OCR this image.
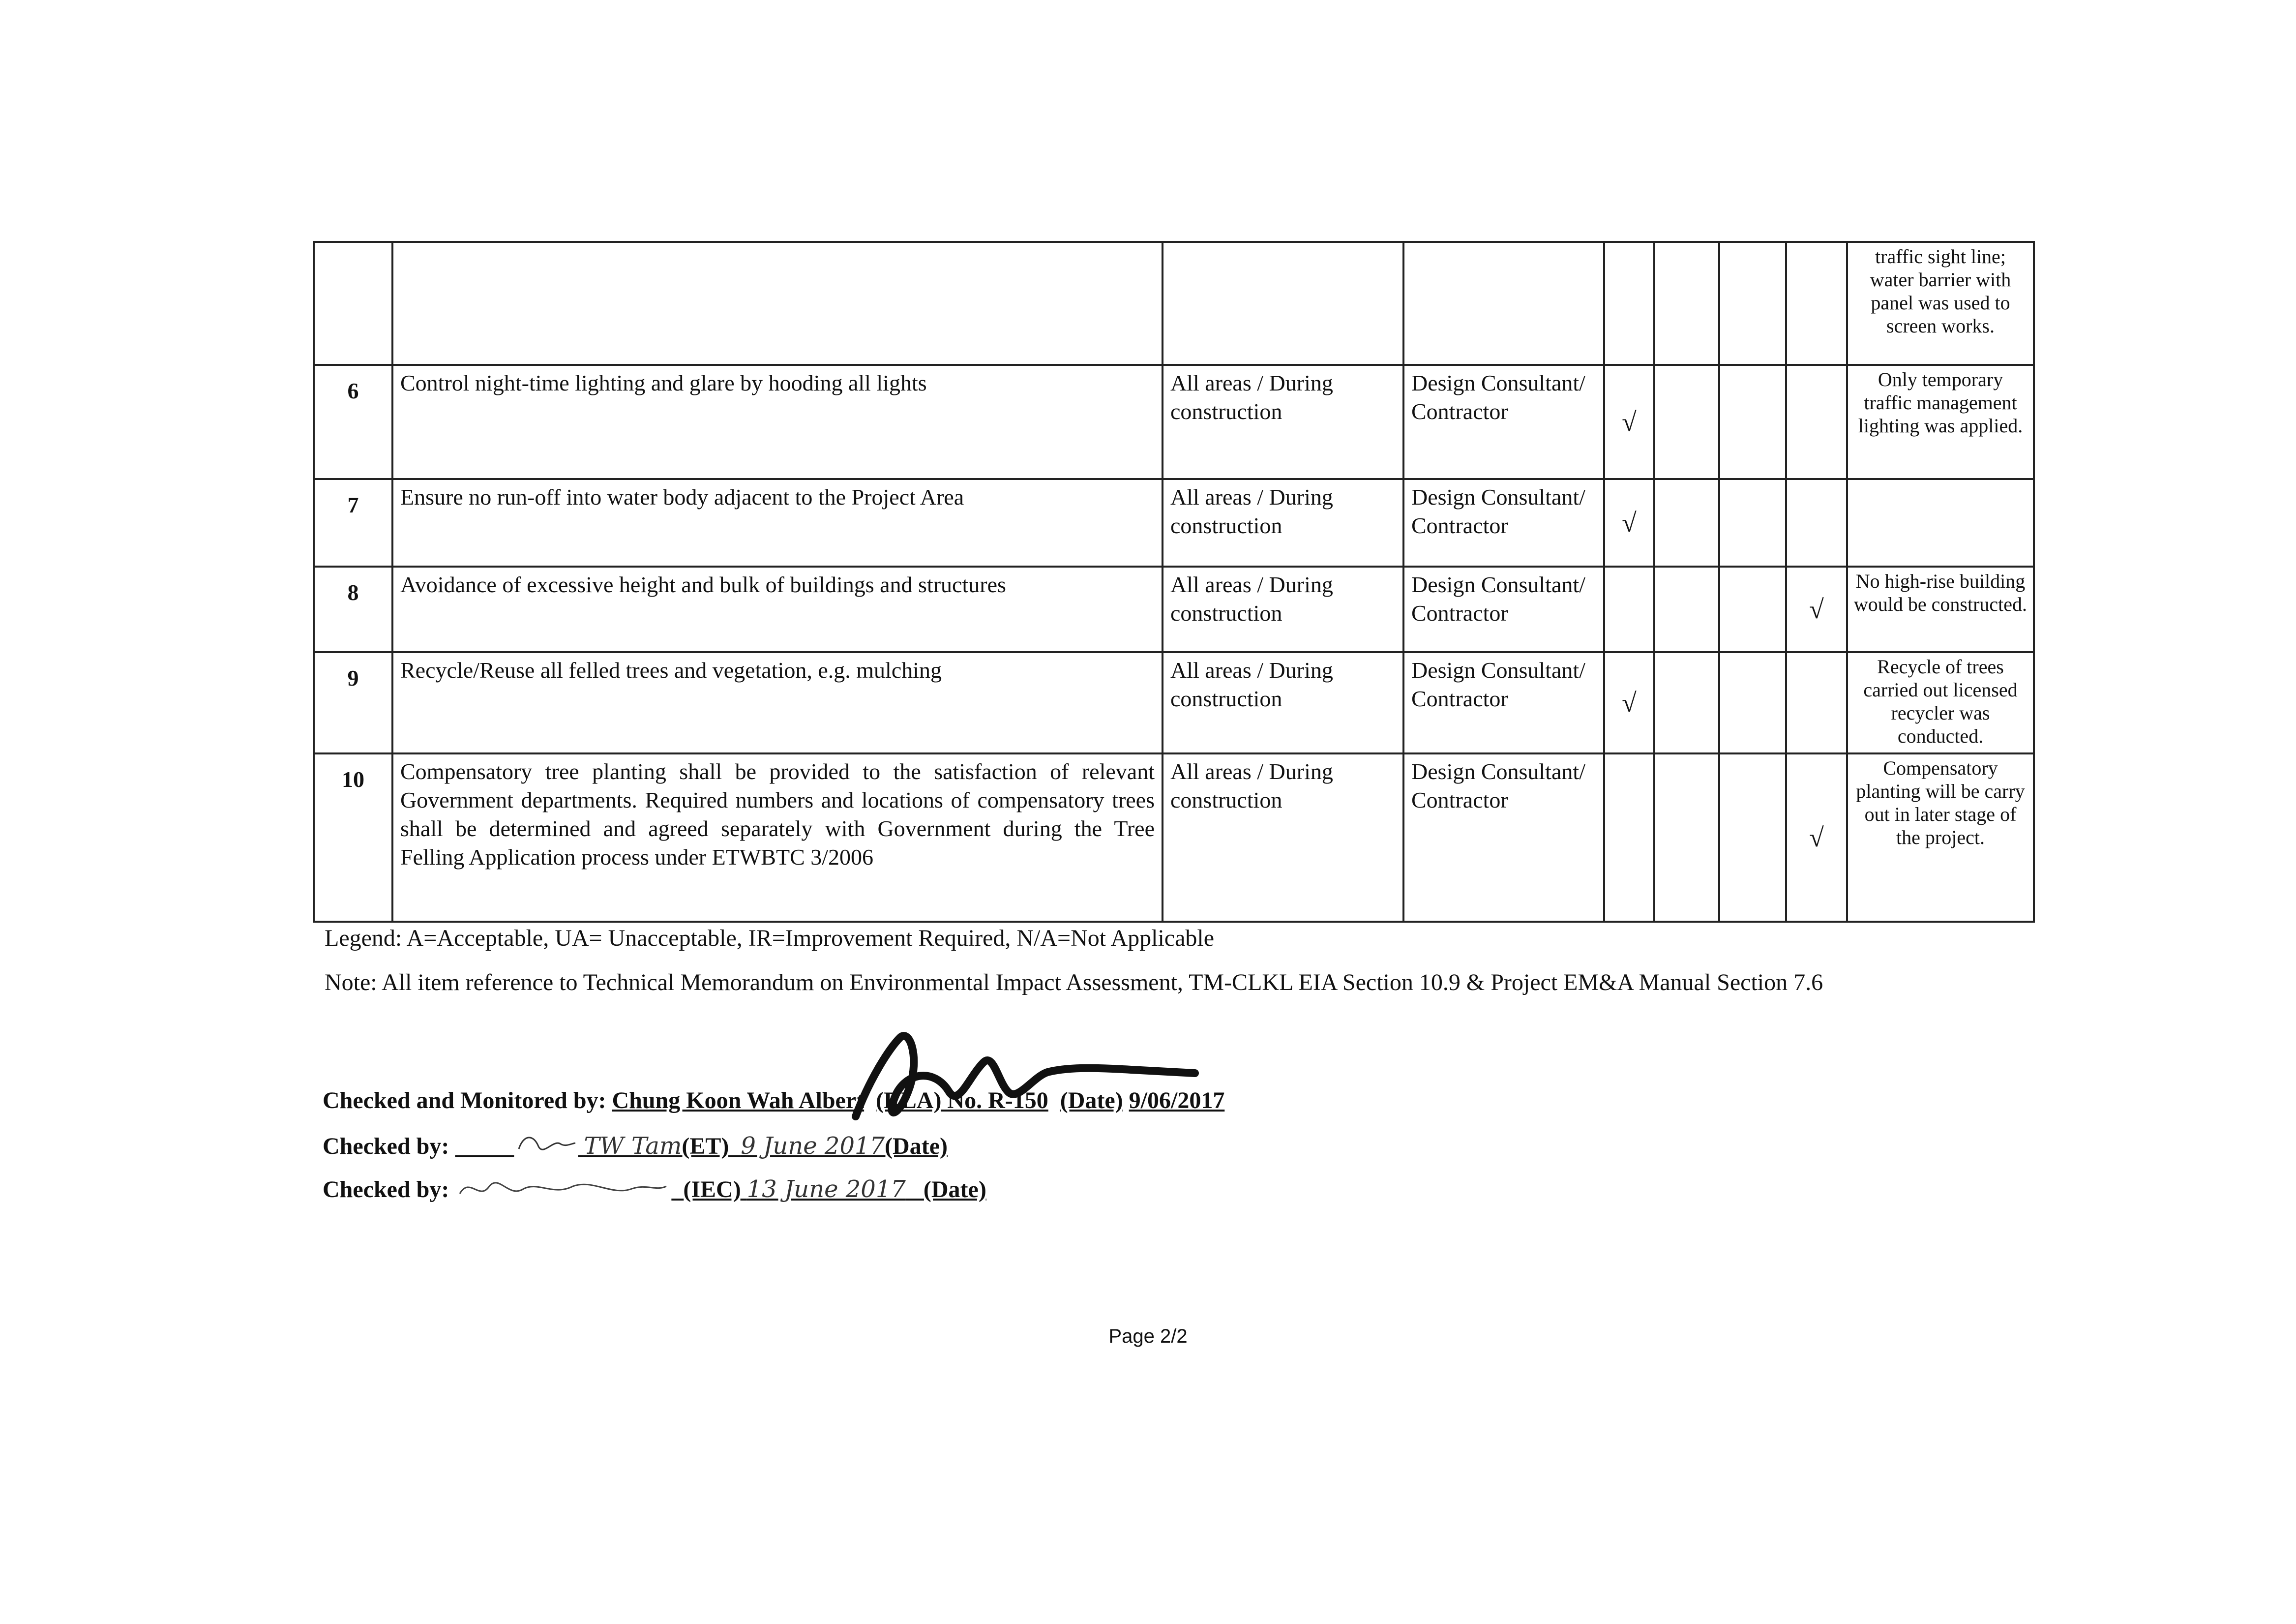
								traffic sight line; water barrier with panel was used to screen works.
6	Control night-time lighting and glare by hooding all lights	All areas / During construction	Design Consultant/ Contractor	√				Only temporary traffic management lighting was applied.
7	Ensure no run-off into water body adjacent to the Project Area	All areas / During construction	Design Consultant/ Contractor	√				
8	Avoidance of excessive height and bulk of buildings and structures	All areas / During construction	Design Consultant/ Contractor				√	No high-rise building would be constructed.
9	Recycle/Reuse all felled trees and vegetation, e.g. mulching	All areas / During construction	Design Consultant/ Contractor	√				Recycle of trees carried out licensed recycler was conducted.
10	Compensatory tree planting shall be provided to the satisfaction of relevant Government departments. Required numbers and locations of compensatory trees shall be determined and agreed separately with Government during the Tree Felling Application process under ETWBTC 3/2006	All areas / During construction	Design Consultant/ Contractor				√	Compensatory planting will be carry out in later stage of the project.
Legend: A=Acceptable, UA= Unacceptable, IR=Improvement Required, N/A=Not Applicable
Note: All item reference to Technical Memorandum on Environmental Impact Assessment, TM-CLKL EIA Section 10.9 & Project EM&A Manual Section 7.6
Checked and Monitored by: Chung Koon Wah Albert (RLA) No. R-150 (Date) 9/06/2017
Checked by:	TW Tam(ET) 9 June 2017(Date)
Checked by:	(IEC) 13 June 2017 (Date)
Page 2/2
